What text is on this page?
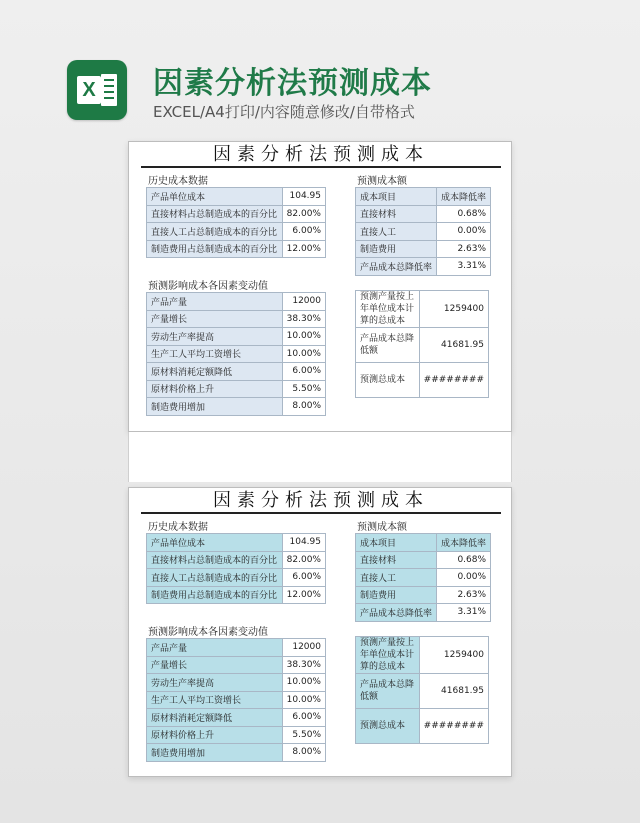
X 因素分析法预测成本
EXCEL/A4打印/内容随意修改/自带格式
因素分析法预测成本
历史成本数据
产品单位成本	104.95
直接材料占总制造成本的百分比	82.00%
直接人工占总制造成本的百分比	6.00%
制造费用占总制造成本的百分比	12.00%
预测成本额
成本项目	成本降低率
直接材料	0.68%
直接人工	0.00%
制造费用	2.63%
产品成本总降低率	3.31%
预测影响成本各因素变动值
产品产量	12000
产量增长	38.30%
劳动生产率提高	10.00%
生产工人平均工资增长	10.00%
原材料消耗定额降低	6.00%
原材料价格上升	5.50%
制造费用增加	8.00%
预测产量按上年单位成本计算的总成本	1259400
产品成本总降低额	41681.95
预测总成本	########
因素分析法预测成本
历史成本数据
产品单位成本	104.95
直接材料占总制造成本的百分比	82.00%
直接人工占总制造成本的百分比	6.00%
制造费用占总制造成本的百分比	12.00%
预测成本额
成本项目	成本降低率
直接材料	0.68%
直接人工	0.00%
制造费用	2.63%
产品成本总降低率	3.31%
预测影响成本各因素变动值
产品产量	12000
产量增长	38.30%
劳动生产率提高	10.00%
生产工人平均工资增长	10.00%
原材料消耗定额降低	6.00%
原材料价格上升	5.50%
制造费用增加	8.00%
预测产量按上年单位成本计算的总成本	1259400
产品成本总降低额	41681.95
预测总成本	########
